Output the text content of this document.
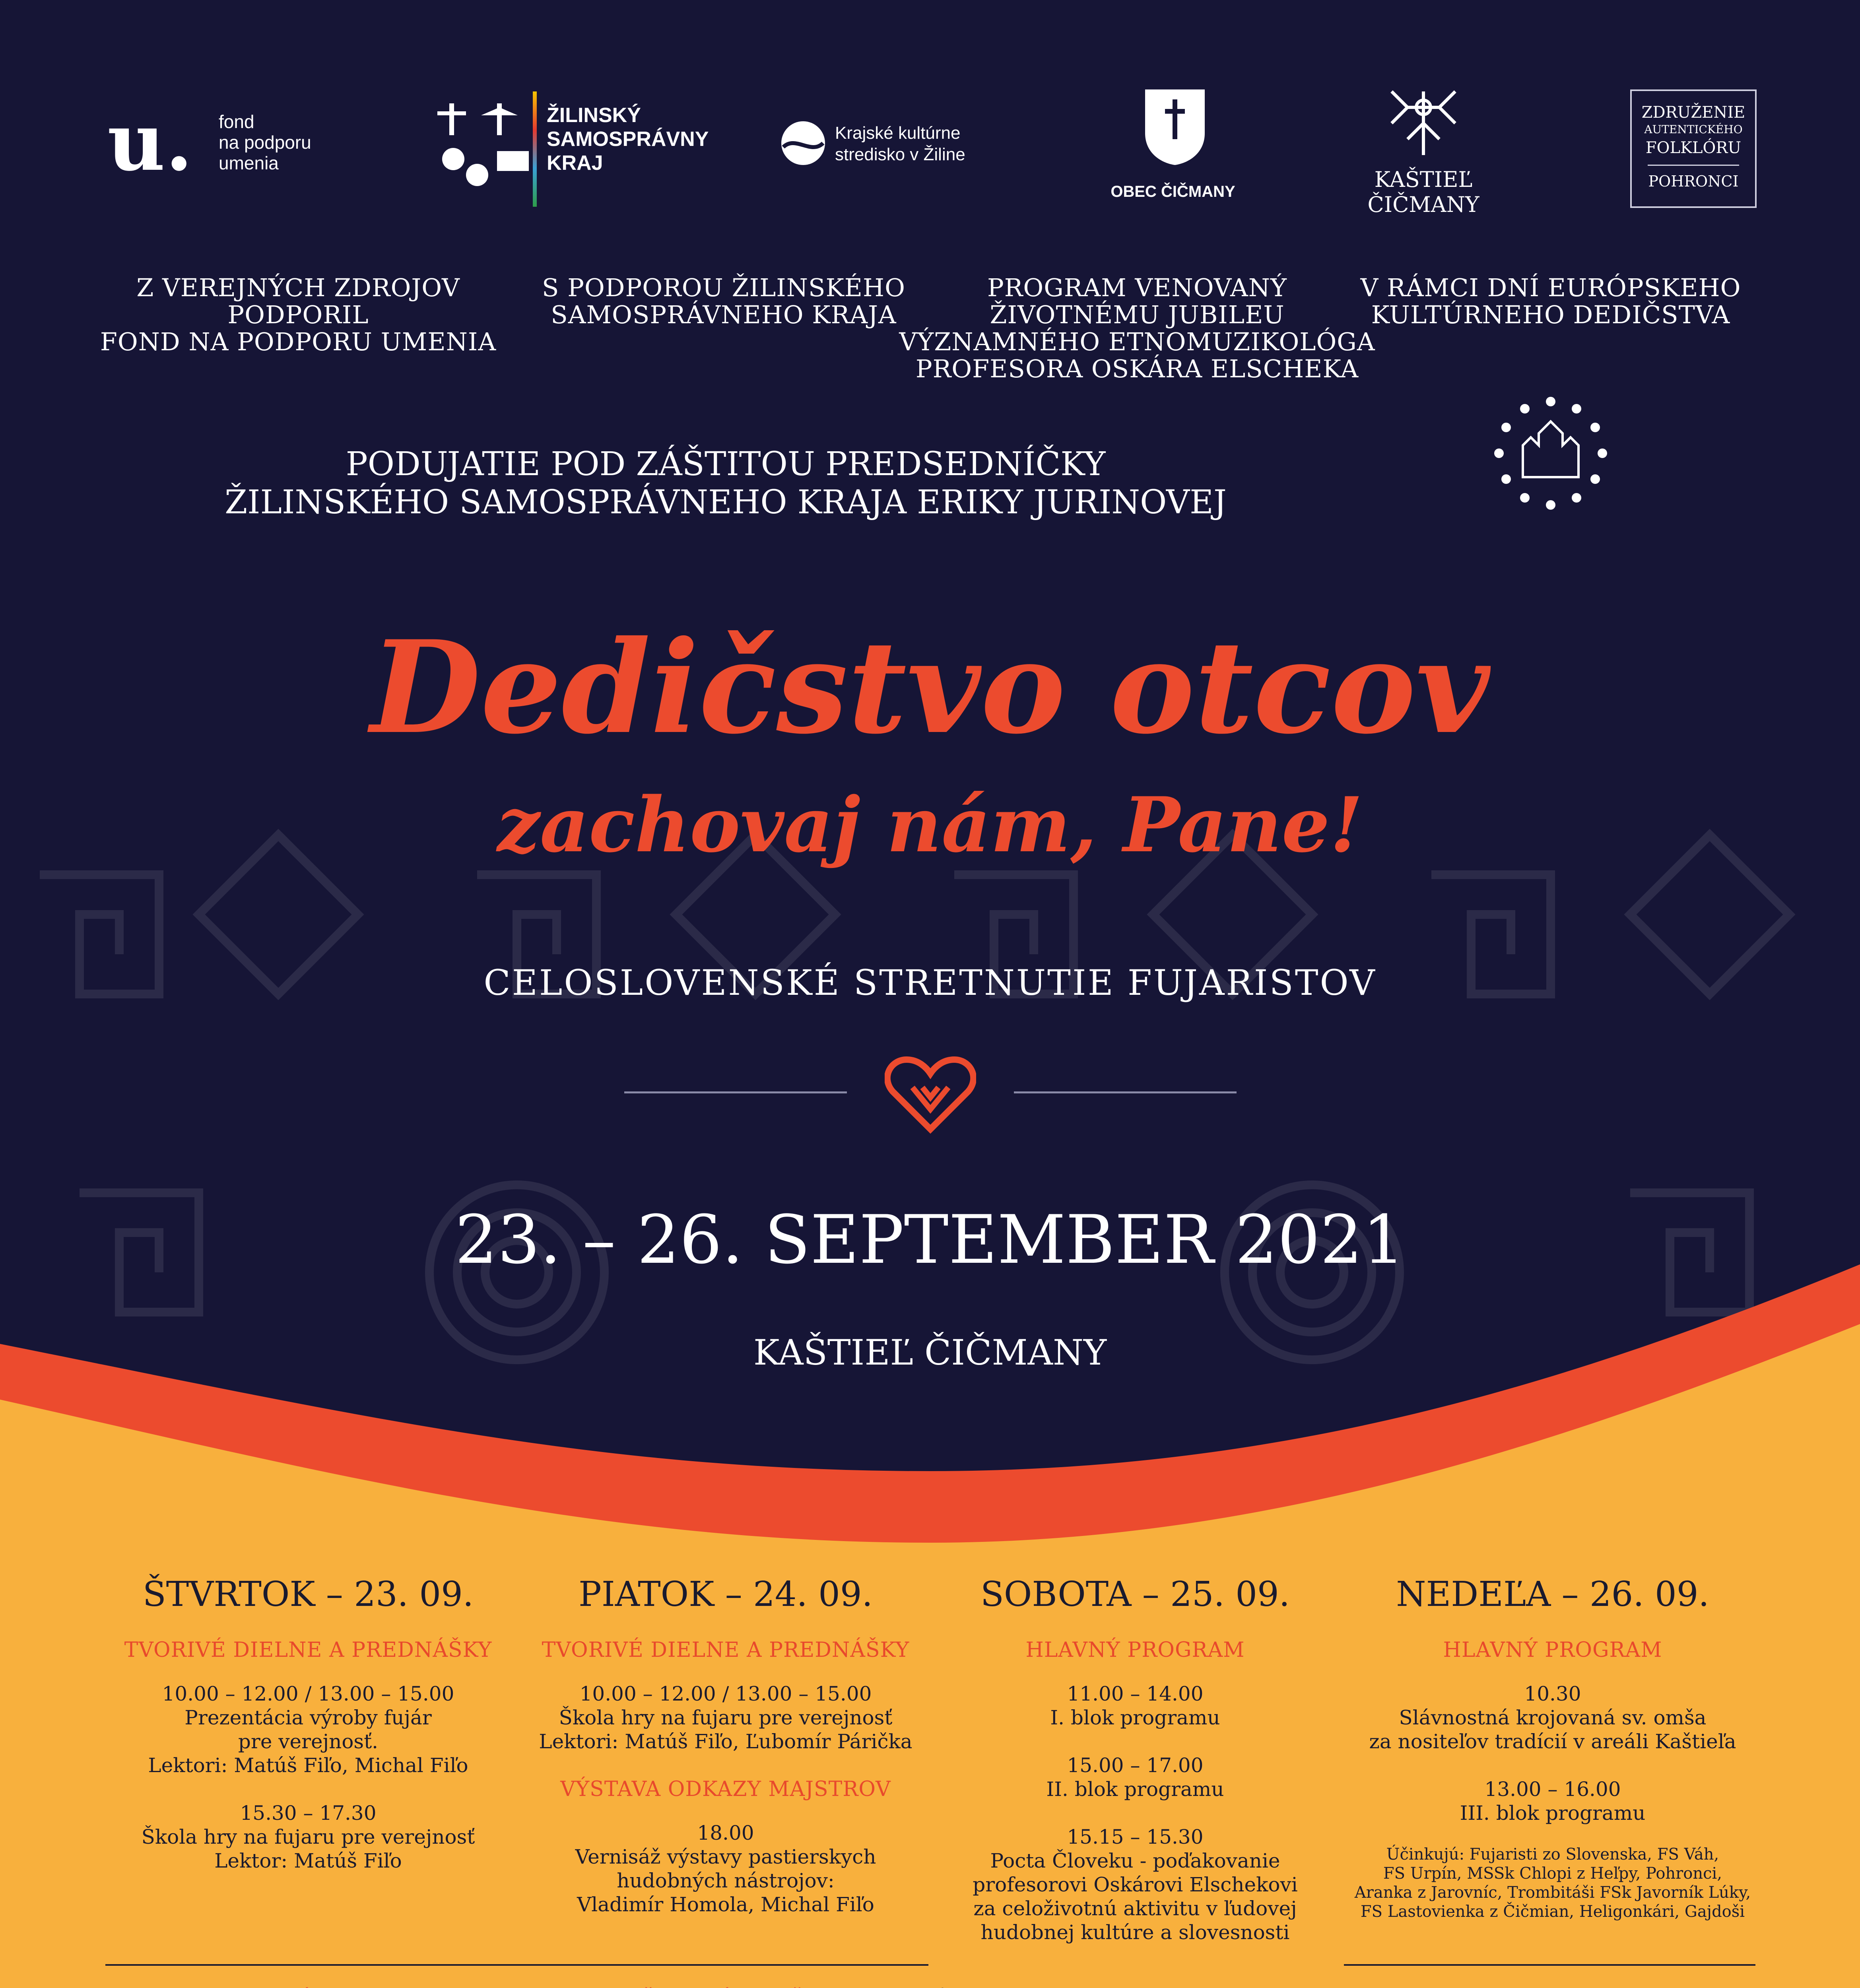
u. fond
na podporu
umenia
ŽILINSKÝ
SAMOSPRÁVNY
KRAJ
Krajské kultúrne
stredisko v Žiline
OBEC ČIČMANY	KAŠTIEĽ ČIČMANY
ZDRUŽENIE
AUTENTICKÉHO
FOLKLÓRU
POHRONCI
Z VEREJNÝCH ZDROJOV PODPORIL
FOND NA PODPORU UMENIA
S PODPOROU ŽILINSKÉHO
SAMOSPRÁVNEHO KRAJA
PROGRAM VENOVANÝ
ŽIVOTNÉMU JUBILEU
VÝZNAMNÉHO ETNOMUZIKOLÓGA
PROFESORA OSKÁRA ELSCHEKA
V RÁMCI DNÍ EURÓPSKEHO
KULTÚRNEHO DEDIČSTVA
PODUJATIE POD ZÁŠTITOU PREDSEDNÍČKY
ŽILINSKÉHO SAMOSPRÁVNEHO KRAJA ERIKY JURINOVEJ
Dedičstvo otcov
zachovaj nám, Pane!
CELOSLOVENSKÉ STRETNUTIE FUJARISTOV
23. – 26. SEPTEMBER 2021
KAŠTIEĽ ČIČMANY
ŠTVRTOK – 23. 09.
TVORIVÉ DIELNE A PREDNÁŠKY
10.00 – 12.00 / 13.00 – 15.00
Prezentácia výroby fujár
pre verejnosť.
Lektori: Matúš Fiľo, Michal Fiľo
15.30 – 17.30
Škola hry na fujaru pre verejnosť
Lektor: Matúš Fiľo
PIATOK – 24. 09.
TVORIVÉ DIELNE A PREDNÁŠKY
10.00 – 12.00 / 13.00 – 15.00
Škola hry na fujaru pre verejnosť
Lektori: Matúš Fiľo, Ľubomír Párička
VÝSTAVA ODKAZY MAJSTROV
18.00
Vernisáž výstavy pastierskych
hudobných nástrojov:
Vladimír Homola, Michal Fiľo
SOBOTA – 25. 09.
HLAVNÝ PROGRAM
11.00 – 14.00
I. blok programu
15.00 – 17.00
II. blok programu
15.15 – 15.30
Pocta Človeku - poďakovanie
profesorovi Oskárovi Elschekovi
za celoživotnú aktivitu v ľudovej
hudobnej kultúre a slovesnosti
NEDEĽA – 26. 09.
HLAVNÝ PROGRAM
10.30
Slávnostná krojovaná sv. omša
za nositeľov tradícií v areáli Kaštieľa
13.00 – 16.00
III. blok programu
Účinkujú: Fujaristi zo Slovenska, FS Váh,
FS Urpín, MSSk Chlopi z Heľpy, Pohronci,
Aranka z Jarovníc, Trombitáši FSk Javorník Lúky,
FS Lastovienka z Čičmian, Heligonkári, Gajdoši
